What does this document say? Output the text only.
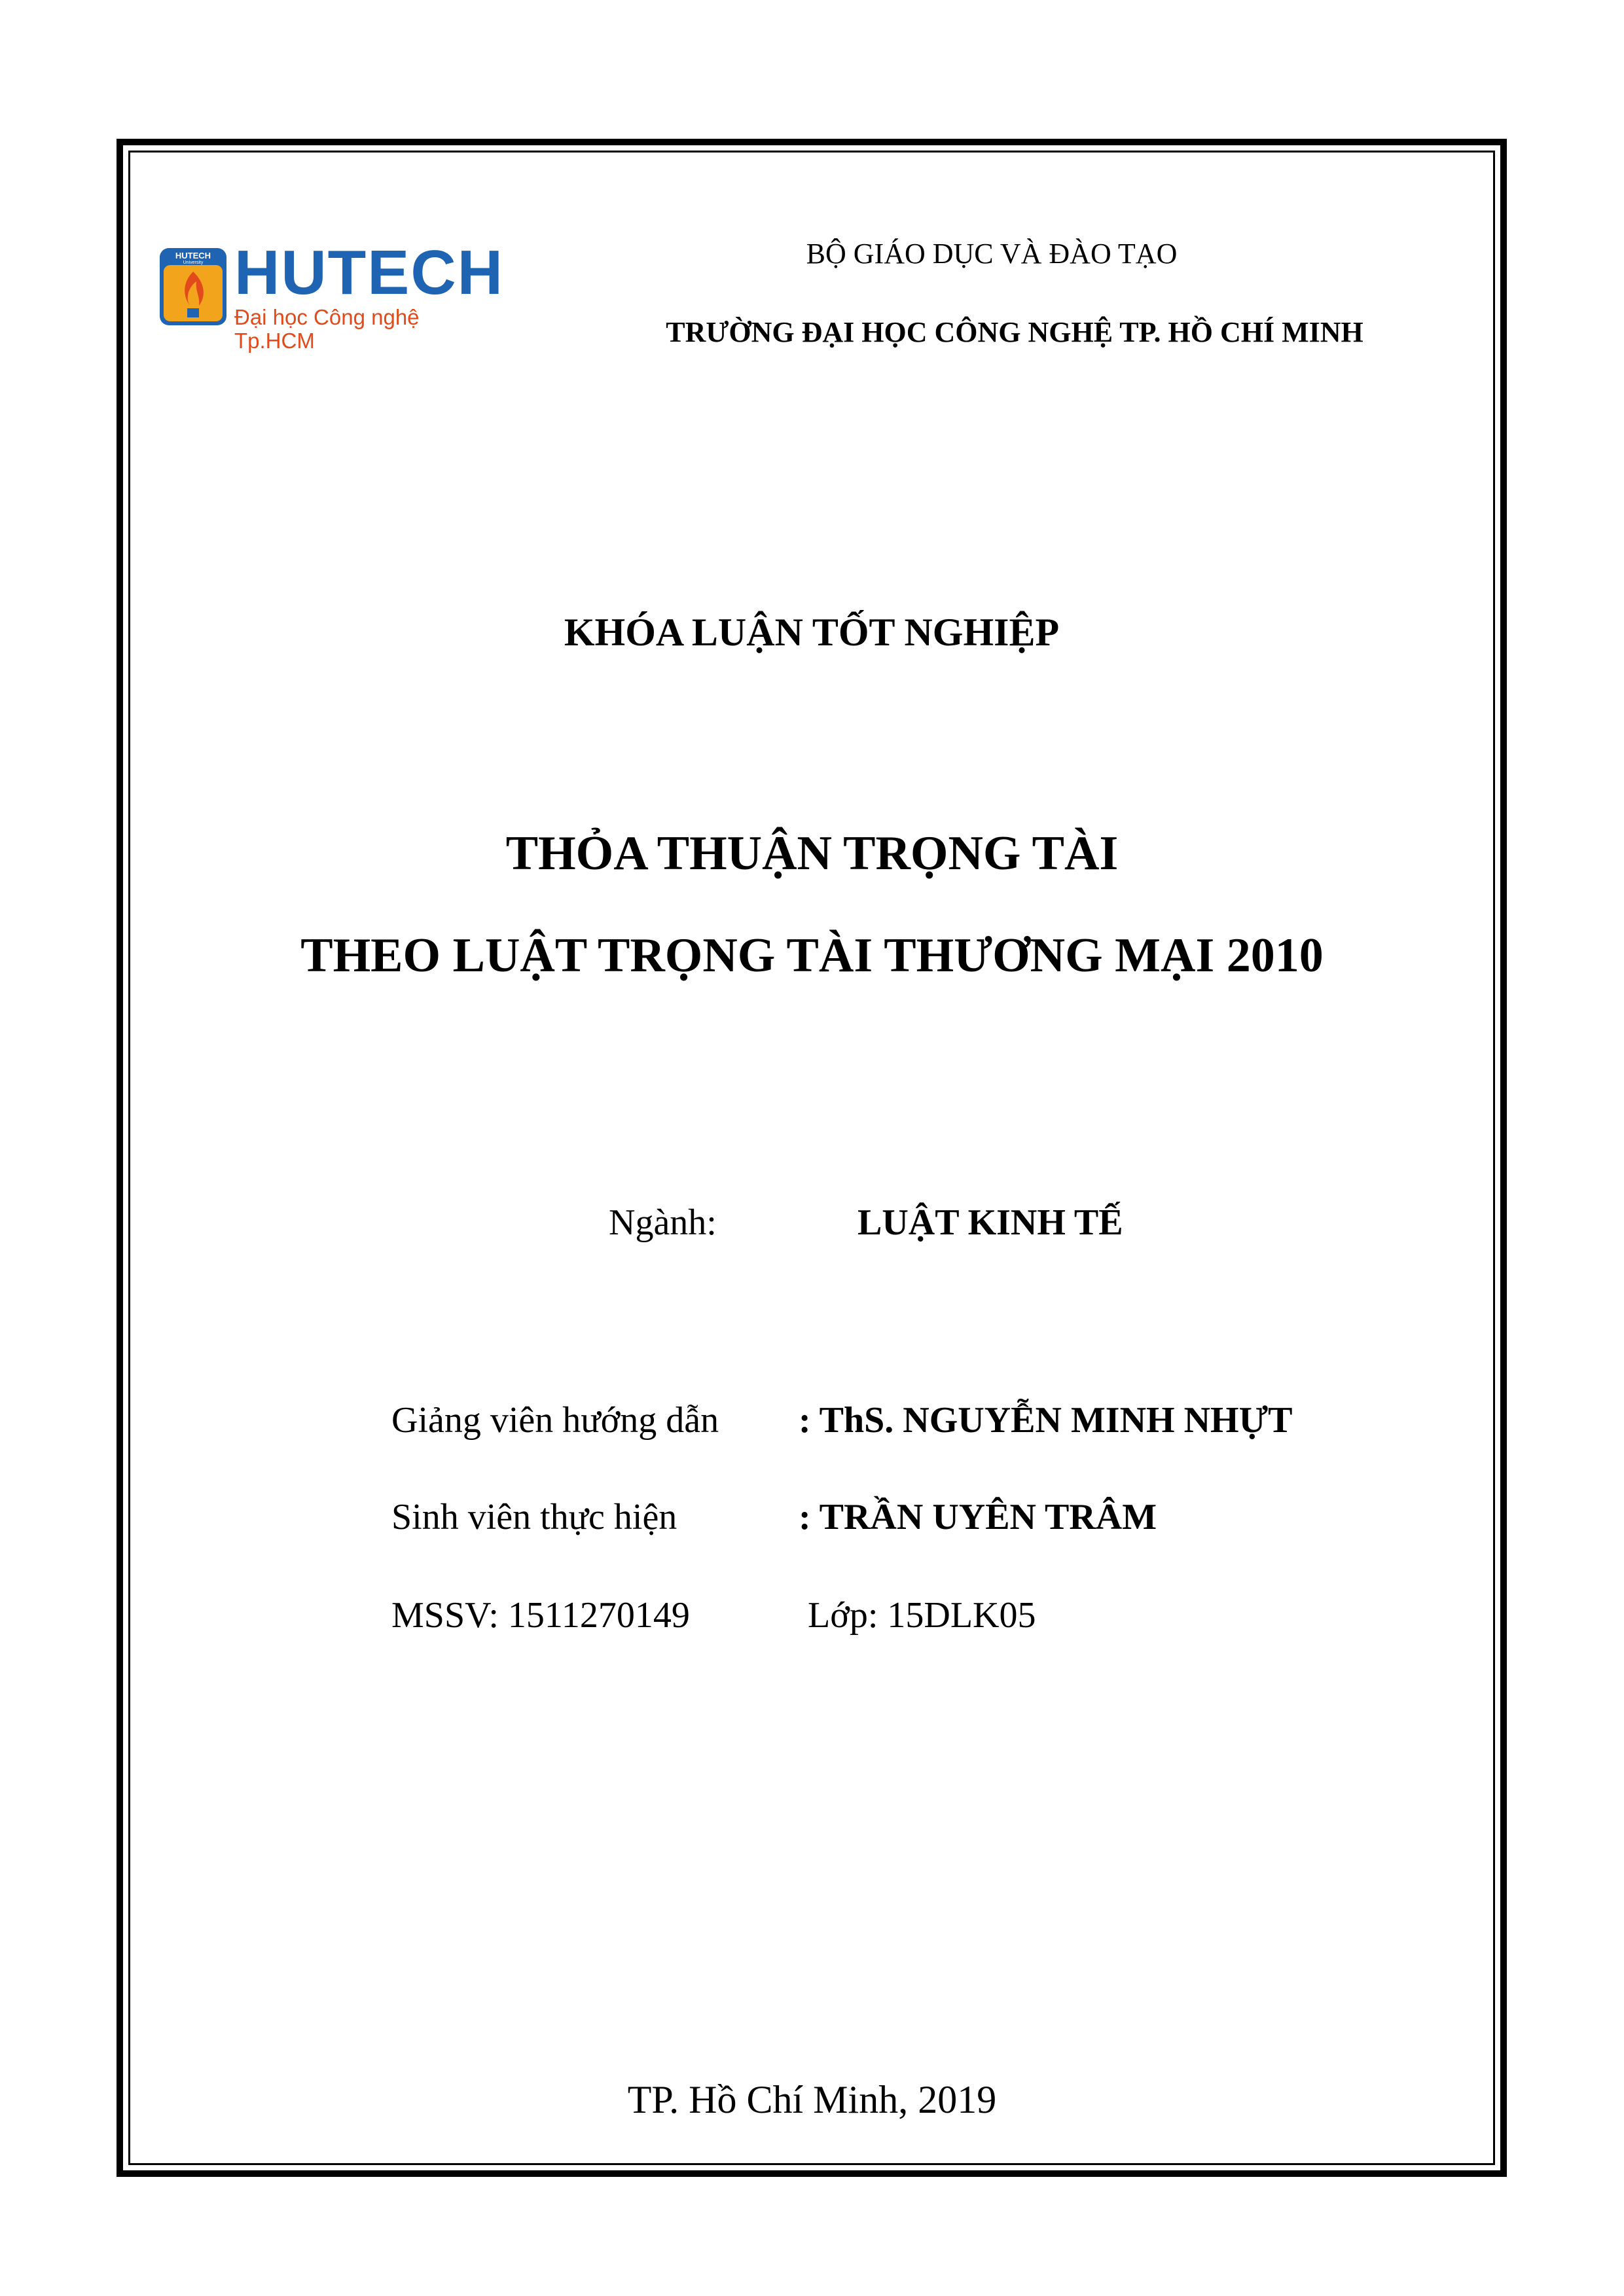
HUTECH
University HUTECH
Đại học Công nghệ Tp.HCM
BỘ GIÁO DỤC VÀ ĐÀO TẠO
TRƯỜNG ĐẠI HỌC CÔNG NGHỆ TP. HỒ CHÍ MINH
KHÓA LUẬN TỐT NGHIỆP
THỎA THUẬN TRỌNG TÀI
THEO LUẬT TRỌNG TÀI THƯƠNG MẠI 2010
Ngành:	LUẬT KINH TẾ
Giảng viên hướng dẫn : ThS. NGUYỄN MINH NHỰT
Sinh viên thực hiện	: TRẦN UYÊN TRÂM
MSSV: 1511270149	Lớp: 15DLK05
TP. Hồ Chí Minh, 2019
